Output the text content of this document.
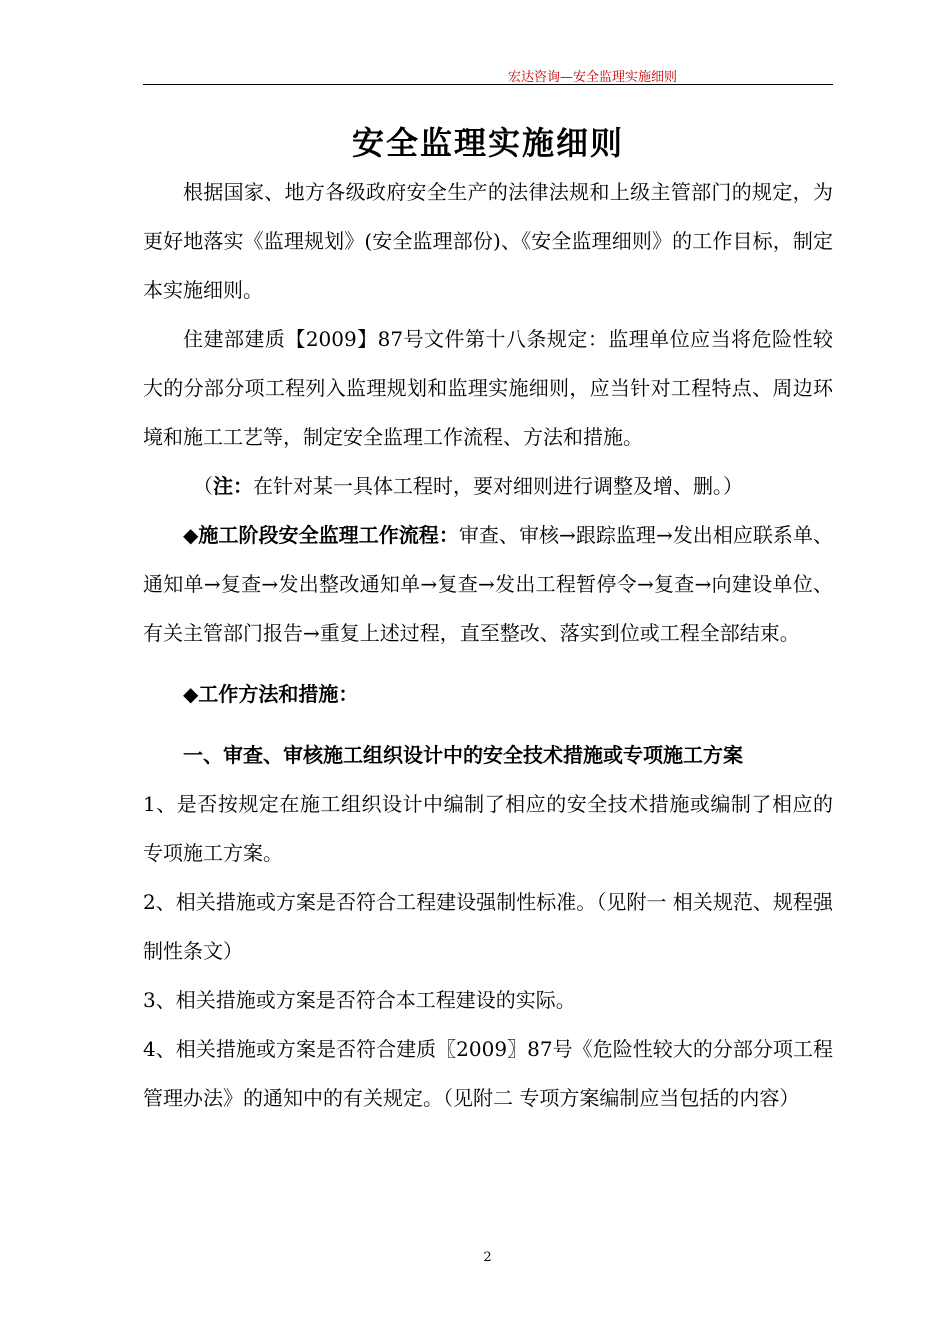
宏达咨询—安全监理实施细则
安全监理实施细则

根据国家、地方各级政府安全生产的法律法规和上级主管部门的规定，为更好地落实《监理规划》(安全监理部份)、《安全监理细则》的工作目标，制定本实施细则。

住建部建质【2009】87号文件第十八条规定：监理单位应当将危险性较大的分部分项工程列入监理规划和监理实施细则，应当针对工程特点、周边环境和施工工艺等，制定安全监理工作流程、方法和措施。

（注：在针对某一具体工程时，要对细则进行调整及增、删。）

◆施工阶段安全监理工作流程：审查、审核→跟踪监理→发出相应联系单、通知单→复查→发出整改通知单→复查→发出工程暂停令→复查→向建设单位、有关主管部门报告→重复上述过程，直至整改、落实到位或工程全部结束。

◆工作方法和措施：

一、审查、审核施工组织设计中的安全技术措施或专项施工方案

1、是否按规定在施工组织设计中编制了相应的安全技术措施或编制了相应的专项施工方案。

2、相关措施或方案是否符合工程建设强制性标准。（见附一 相关规范、规程强制性条文）

3、相关措施或方案是否符合本工程建设的实际。

4、相关措施或方案是否符合建质〖2009〗87号《危险性较大的分部分项工程管理办法》的通知中的有关规定。（见附二 专项方案编制应当包括的内容）

2
